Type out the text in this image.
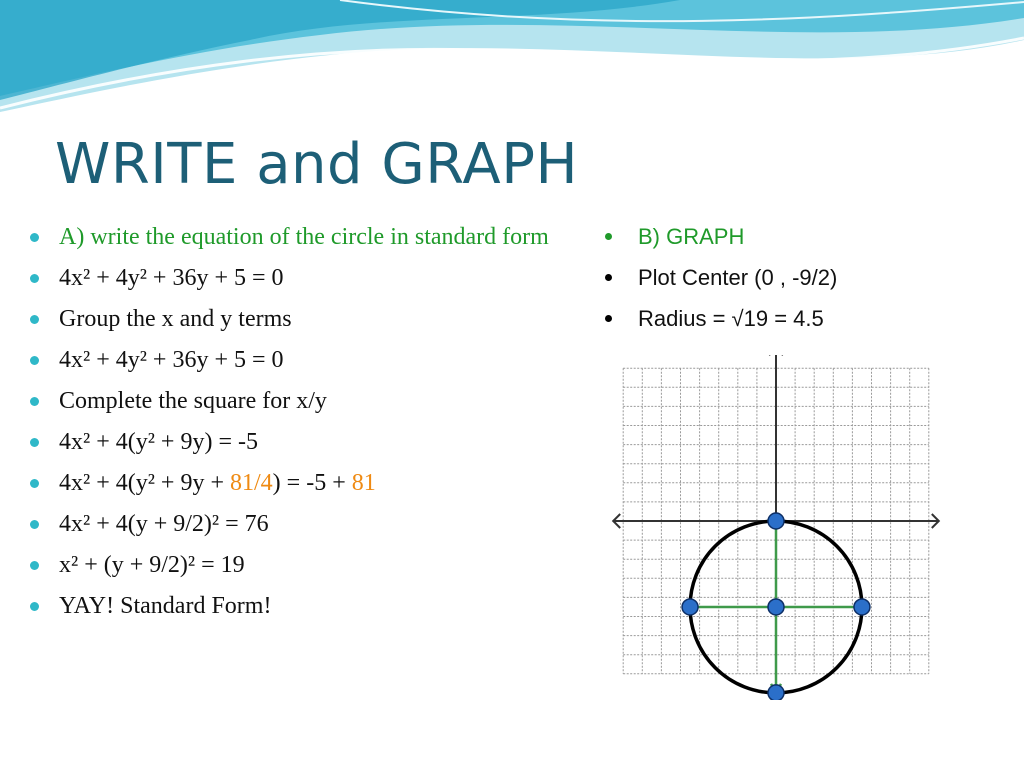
WRITE and GRAPH
A) write the equation of the circle in standard form
4x² + 4y² + 36y + 5 = 0
Group the x and y terms
4x² + 4y² + 36y + 5 = 0
Complete the square for x/y
4x² + 4(y² + 9y) = -5
4x² + 4(y² + 9y + 81/4) = -5 + 81
4x² + 4(y + 9/2)² = 76
x² + (y + 9/2)² = 19
YAY! Standard Form!
B) GRAPH
Plot Center (0 , -9/2)
Radius = √19 = 4.5
